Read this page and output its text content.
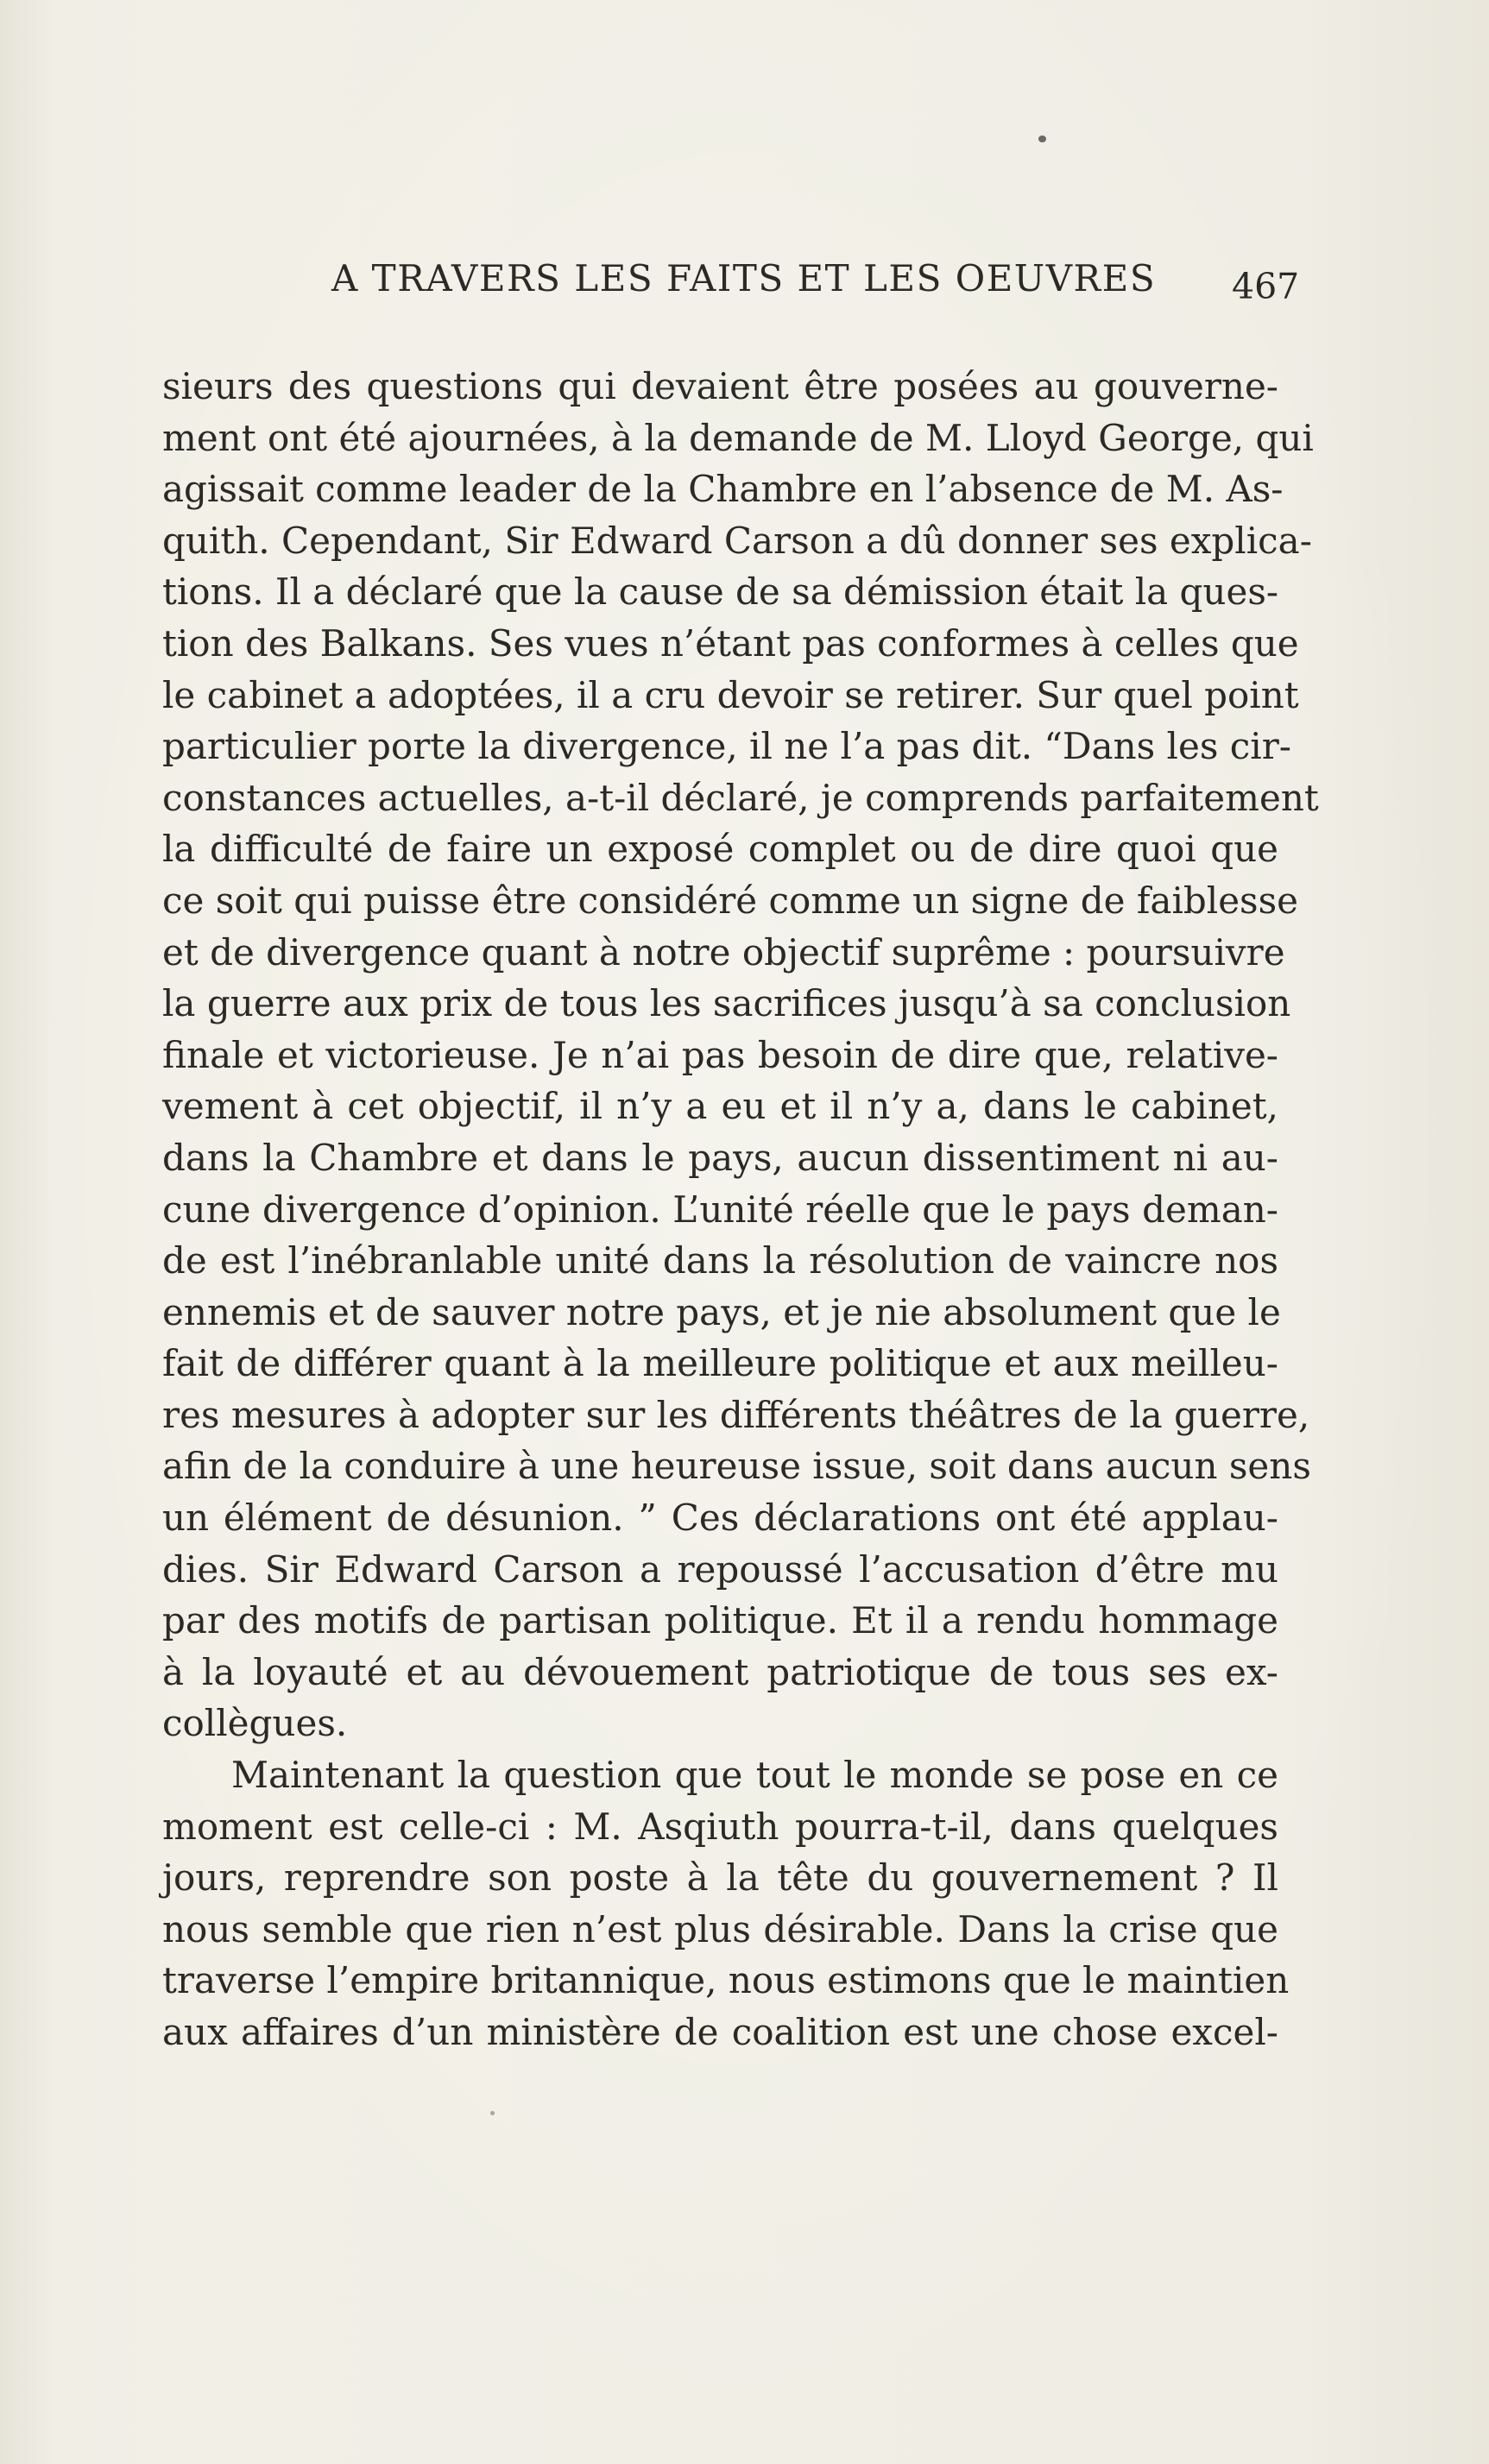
A TRAVERS LES FAITS ET LES OEUVRES 467
sieurs des questions qui devaient être posées au gouverne-
ment ont été ajournées, à la demande de M. Lloyd George, qui
agissait comme leader de la Chambre en l’absence de M. As-
quith. Cependant, Sir Edward Carson a dû donner ses explica-
tions. Il a déclaré que la cause de sa démission était la ques-
tion des Balkans. Ses vues n’étant pas conformes à celles que
le cabinet a adoptées, il a cru devoir se retirer. Sur quel point
particulier porte la divergence, il ne l’a pas dit. “Dans les cir-
constances actuelles, a-t-il déclaré, je comprends parfaitement
la difficulté de faire un exposé complet ou de dire quoi que
ce soit qui puisse être considéré comme un signe de faiblesse
et de divergence quant à notre objectif suprême : poursuivre
la guerre aux prix de tous les sacrifices jusqu’à sa conclusion
finale et victorieuse. Je n’ai pas besoin de dire que, relative-
vement à cet objectif, il n’y a eu et il n’y a, dans le cabinet,
dans la Chambre et dans le pays, aucun dissentiment ni au-
cune divergence d’opinion. L’unité réelle que le pays deman-
de est l’inébranlable unité dans la résolution de vaincre nos
ennemis et de sauver notre pays, et je nie absolument que le
fait de différer quant à la meilleure politique et aux meilleu-
res mesures à adopter sur les différents théâtres de la guerre,
afin de la conduire à une heureuse issue, soit dans aucun sens
un élément de désunion. ” Ces déclarations ont été applau-
dies. Sir Edward Carson a repoussé l’accusation d’être mu
par des motifs de partisan politique. Et il a rendu hommage
à la loyauté et au dévouement patriotique de tous ses ex-
collègues.
Maintenant la question que tout le monde se pose en ce
moment est celle-ci : M. Asqiuth pourra-t-il, dans quelques
jours, reprendre son poste à la tête du gouvernement ? Il
nous semble que rien n’est plus désirable. Dans la crise que
traverse l’empire britannique, nous estimons que le maintien
aux affaires d’un ministère de coalition est une chose excel-
